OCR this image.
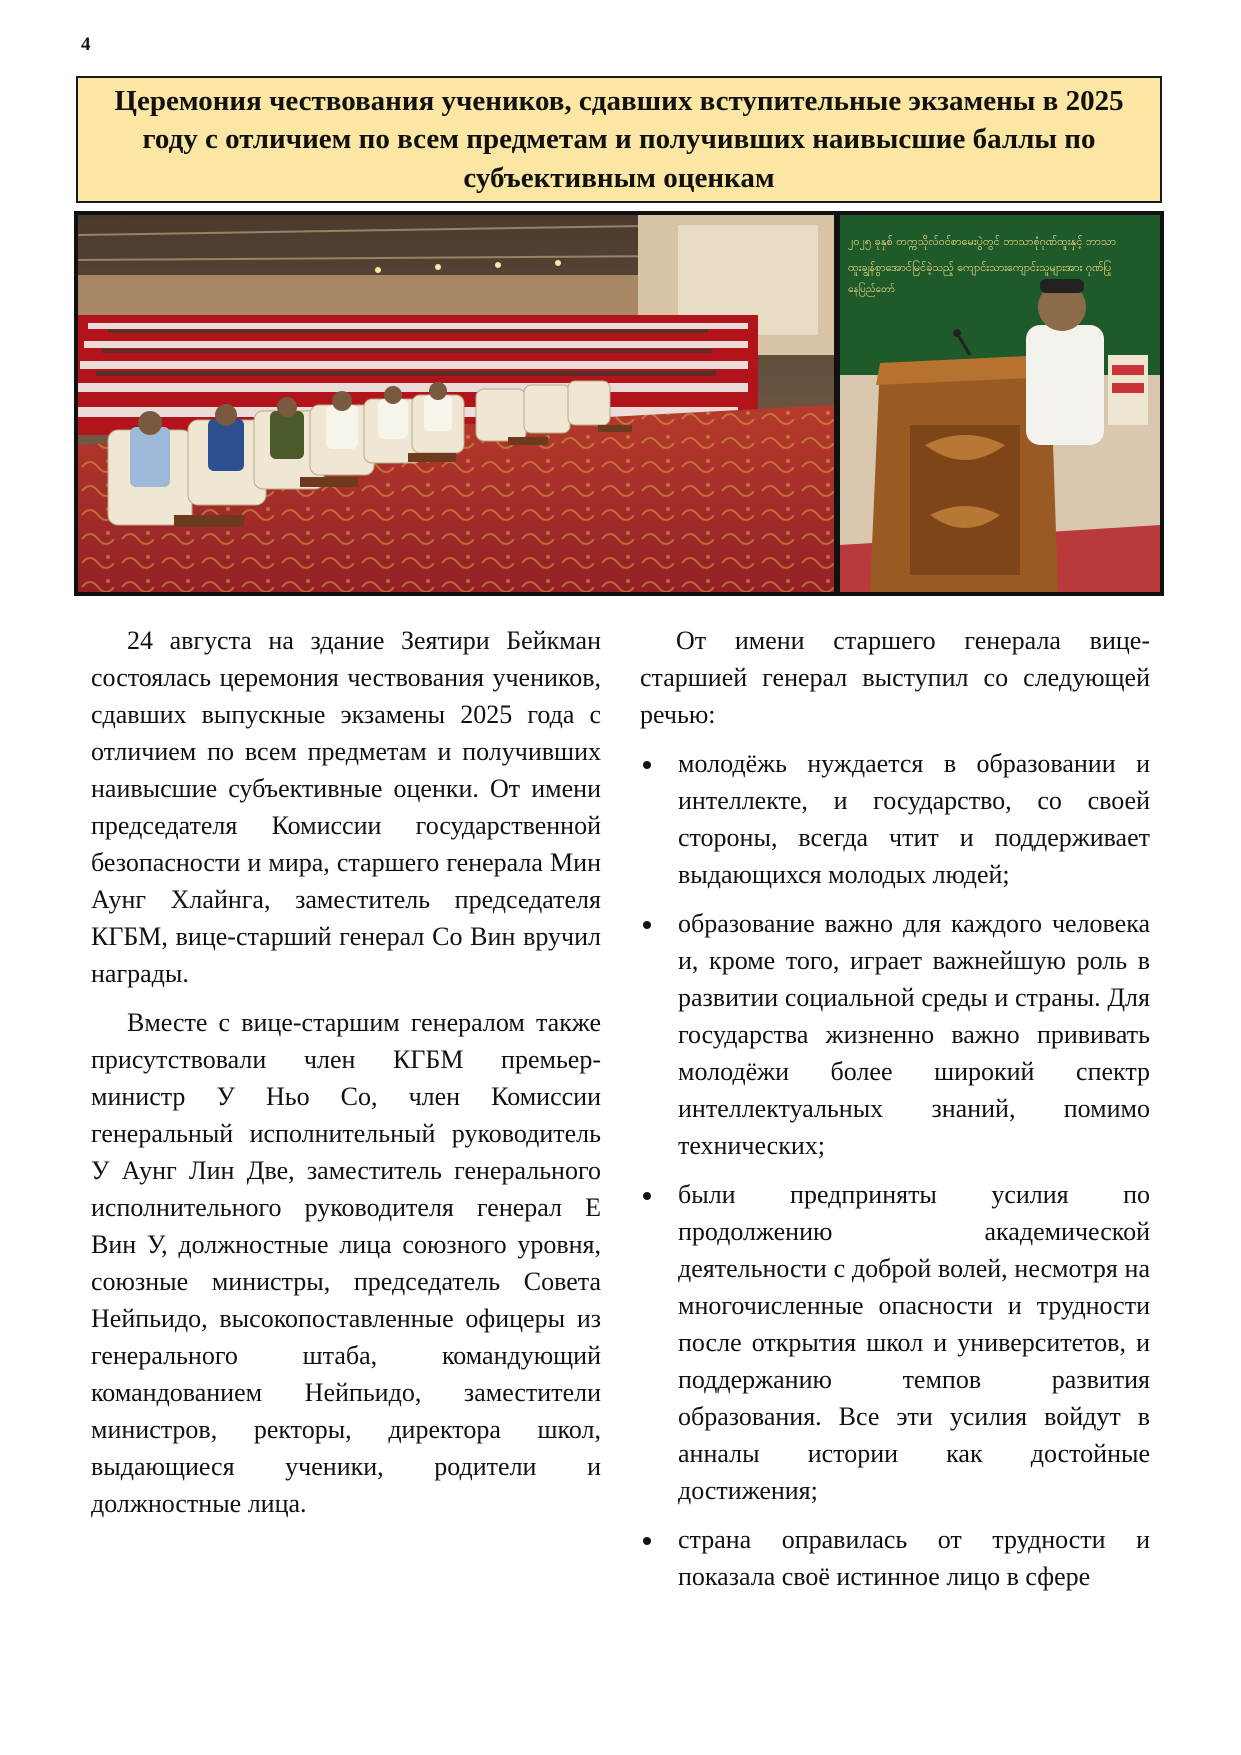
4
Церемония чествования учеников, сдавших вступительные экзамены в 2025 году с отличием по всем предметам и получивших наивысшие баллы по субъективным оценкам
၂၀၂၅ ခုနှစ် တက္ကသိုလ်ဝင်စာမေးပွဲတွင် ဘာသာစုံဂုဏ်ထူးနှင့် ဘာသာ
ထူးချွန်စွာအောင်မြင်ခဲ့သည့် ကျောင်းသားကျောင်းသူများအား ဂုဏ်ပြု
နေပြည်တော်

24 августа на здание Зеятири Бейкман состоялась церемония чествования учеников, сдавших выпускные экзамены 2025 года с отличием по всем предметам и получивших наивысшие субъективные оценки. От имени председателя Комиссии государственной безопасности и мира, старшего генерала Мин Аунг Хлайнга, заместитель председателя КГБМ, вице-старший генерал Со Вин вручил награды.

Вместе с вице-старшим генералом также присутствовали член КГБМ премьер-министр У Ньо Со, член Комиссии генеральный исполнительный руководитель У Аунг Лин Две, заместитель генерального исполнительного руководителя генерал Е Вин У, должностные лица союзного уровня, союзные министры, председатель Совета Нейпьидо, высокопоставленные офицеры из генерального штаба, командующий командованием Нейпьидо, заместители министров, ректоры, директора школ, выдающиеся ученики, родители и должностные лица.

От имени старшего генерала вице-старшией генерал выступил со следующей речью:

молодёжь нуждается в образовании и интеллекте, и государство, со своей стороны, всегда чтит и поддерживает выдающихся молодых людей;
образование важно для каждого человека и, кроме того, играет важнейшую роль в развитии социальной среды и страны. Для государства жизненно важно прививать молодёжи более широкий спектр интеллектуальных знаний, помимо технических;
были предприняты усилия по продолжению академической деятельности с доброй волей, несмотря на многочисленные опасности и трудности после открытия школ и университетов, и поддержанию темпов развития образования. Все эти усилия войдут в анналы истории как достойные достижения;
страна оправилась от трудности и показала своё истинное лицо в сфере
